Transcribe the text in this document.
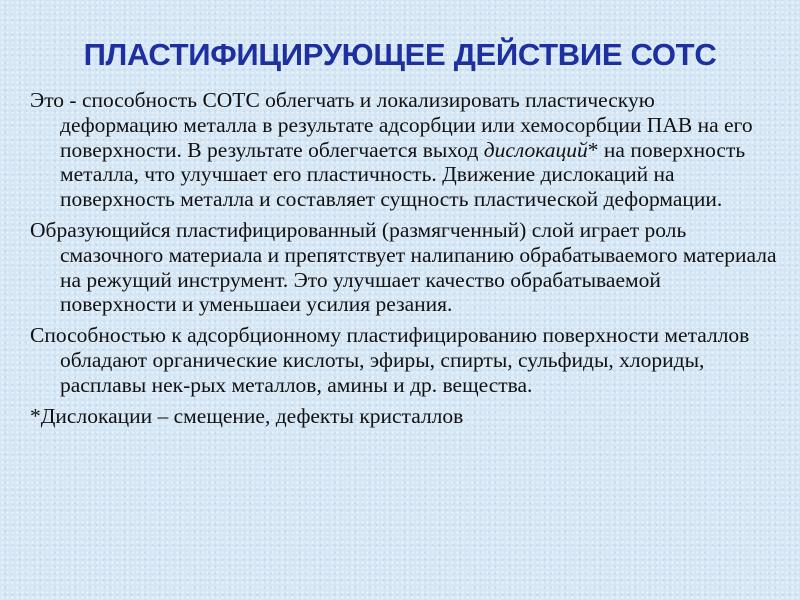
ПЛАСТИФИЦИРУЮЩЕЕ ДЕЙСТВИЕ СОТС

Это - способность СОТС облегчать и локализировать пластическую деформацию металла в результате адсорбции или хемосорбции ПАВ на его поверхности. В результате облегчается выход дислокаций* на поверхность металла, что улучшает его пластичность. Движение дислокаций на поверхность металла и составляет сущность пластической деформации.

Образующийся пластифицированный (размягченный) слой играет роль смазочного материала и препятствует налипанию обрабатываемого материала на режущий инструмент. Это улучшает качество обрабатываемой поверхности и уменьшаеи усилия резания.

Способностью к адсорбционному пластифицированию поверхности металлов обладают органические кислоты, эфиры, спирты, сульфиды, хлориды, расплавы нек-рых металлов, амины и др. вещества.

*Дислокации – смещение, дефекты кристаллов
